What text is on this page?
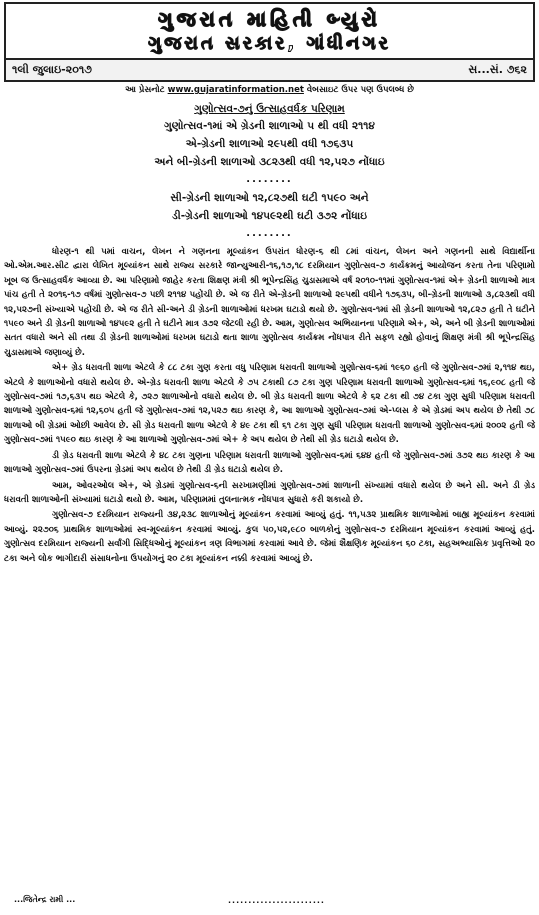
ગુજરાત માહિતી બ્યુરો
ગુજરાત સરકાર, ગાંધીનગર
૧લી જુલાઇ-૨૦૧૭	સ...સં. ૭૬૨
આ પ્રેસનોટ www.gujaratinformation.net વેબસાઇટ ઉપર પણ ઉપલબ્ધ છે
ગુણોત્સવ-૭નું ઉત્સાહવર્ધક પરિણામ
ગુણોત્સવ-૧માં એ ગ્રેડની શાળાઓ ૫ થી વધી ૨૧૧૪
એ-ગ્રેડની શાળાઓ ૨૯૫થી વધી ૧૭૬૩૫
અને બી-ગ્રેડની શાળાઓ ૩૮૨૩થી વધી ૧૨,૫૨૭ નોંધાઇ
........
સી-ગ્રેડની શાળાઓ ૧૨,૮૨૭થી ઘટી ૧૫૯૦ અને
ડી-ગ્રેડની શાળાઓ ૧૪૫૯૨થી ઘટી ૩૭૨ નોંધાઇ
........

ધોરણ-૧ થી ૫માં વાચન, લેખન ને ગણનના મૂલ્યાંકન ઉપરાંત ધોરણ-૬ થી ૮માં વાંચન, લેખન અને ગણનની સાથે વિદ્યાર્થીના ઓ.એમ.આર.સીટ દ્વારા લેખિત મૂલ્યાંકન સાથે રાજ્ય સરકારે જાન્યુઆરી-૧૬,૧૭,૧૮ દરમિયાન ગુણોત્સવ-૭ કાર્યક્રમનું આયોજન કરતા તેના પરિણામો ખૂબ જ ઉત્સાહવર્ધક આવ્યા છે. આ પરિણામો જાહેર કરતા શિક્ષણ મંત્રી શ્રી ભૂપેન્દ્રસિંહ ચુડાસમાએ વર્ષ ૨૦૧૦-૧૧માં ગુણોત્સવ-૧માં એ+ ગ્રેડની શાળાઓ માત્ર પાંચ હતી તે ૨૦૧૬-૧૭ વર્ષમાં ગુણોત્સવ-૭ પછી ૨૧૧૪ પહોંચી છે. એ જ રીતે એ-ગ્રેડની શાળાઓ ૨૯૫થી વધીને ૧૭૬૩૫, બી-ગ્રેડની શાળાઓ ૩,૮૨૩થી વધી ૧૨,૫૨૭ની સંખ્યાએ પહોંચી છે. એ જ રીતે સી-અને ડી ગ્રેડની શાળાઓમાં ધરખમ ઘટાડો થયો છે. ગુણોત્સવ-૧માં સી ગ્રેડની શાળાઓ ૧૨,૮૨૭ હતી તે ઘટીને ૧૫૯૦ અને ડી ગ્રેડની શાળાઓ ૧૪૫૯૨ હતી તે ઘટીને માત્ર ૩૭૨ જેટલી રહી છે. આમ, ગુણોત્સવ અભિયાનના પરિણામે એ+, એ, અને બી ગ્રેડની શાળાઓમાં સતત વધારો અને સી તથા ડી ગ્રેડની શાળાઓમાં ધરખમ ઘટાડો થતા શાળા ગુણોત્સવ કાર્યક્રમ નોંધપાત્ર રીતે સફળ રહ્યો હોવાનું શિક્ષણ મંત્રી શ્રી ભૂપેન્દ્રસિંહ ચુડાસમાએ જણાવ્યું છે.

એ+ ગ્રેડ ધરાવતી શાળા એટલે કે ૮૮ ટકા ગુણ કરતા વધુ પરિણામ ધરાવતી શાળાઓ ગુણોત્સવ-૬માં ૧૯૬૦ હતી જે ગુણોત્સવ-૭માં ૨,૧૧૪ થઇ, એટલે કે શાળાઓનો વધારો થયેલ છે. એ-ગ્રેડ ધરાવતી શાળા એટલે કે ૭૫ ટકાથી ૮૭ ટકા ગુણ પરિણામ ધરાવતી શાળાઓ ગુણોત્સવ-૬માં ૧૬,૯૦૮ હતી જે ગુણોત્સવ-૭માં ૧૭,૬૩૫ થઇ એટલે કે, ૭૨૭ શાળાઓનો વધારો થયેલ છે. બી ગ્રેડ ધરાવતી શાળા એટલે કે ૬૨ ટકા થી ૭૪ ટકા ગુણ સુધી પરિણામ ધરાવતી શાળાઓ ગુણોત્સવ-૬માં ૧૨,૬૦૫ હતી જે ગુણોત્સવ-૭માં ૧૨,૫૨૭ થઇ કારણ કે, આ શાળાઓ ગુણોત્સવ-૭માં એ-પ્લસ કે એ ગ્રેડમાં અપ થયેલ છે તેથી ૭૮ શાળાઓ બી ગ્રેડમાં ઓછી આવેલ છે. સી ગ્રેડ ધરાવતી શાળા એટલે કે ૪૯ ટકા થી ૬૧ ટકા ગુણ સુધી પરિણામ ધરાવતી શાળાઓ ગુણોત્સવ-૬માં ૨૦૦૨ હતી જે ગુણોત્સવ-૭માં ૧૫૯૦ થઇ કારણ કે આ શાળાઓ ગુણોત્સવ-૭માં એ+ કે અપ થયેલ છે તેથી સી ગ્રેડ ઘટાડો થયેલ છે.

ડી ગ્રેડ ધરાવતી શાળા એટલે કે ૪૮ ટકા ગુણના પરિણામ ધરાવતી શાળાઓ ગુણોત્સવ-૬માં ૬૪૪ હતી જે ગુણોત્સવ-૭માં ૩૭૨ થઇ કારણ કે આ શાળાઓ ગુણોત્સવ-૭માં ઉપરના ગ્રેડમાં અપ થયેલ છે તેથી ડી ગ્રેડ ઘટાડો થયેલ છે.

આમ, ઓવરઓલ એ+, એ ગ્રેડમાં ગુણોત્સવ-૬ની સરખામણીમાં ગુણોત્સવ-૭માં શાળાની સંખ્યામાં વધારો થયેલ છે અને સી. અને ડી ગ્રેડ ધરાવતી શાળાઓની સંખ્યામાં ઘટાડો થયો છે. આમ, પરિણામમાં તુલનાત્મક નોંધપાત્ર સુધારો કરી શકાયો છે.

ગુણોત્સવ-૭ દરમિયાન રાજ્યની ૩૪,૨૩૮ શાળાઓનું મૂલ્યાંકન કરવામાં આવ્યું હતું. ૧૧,૫૩૨ પ્રાથમિક શાળાઓમાં બાહ્ય મૂલ્યાંકન કરવામાં આવ્યું. ૨૨૭૦૬ પ્રાથમિક શાળાઓમાં સ્વ-મૂલ્યાંકન કરવામાં આવ્યું. કુલ ૫૦,૫૨,૯૮૦ બાળકોનું ગુણોત્સવ-૭ દરમિયાન મૂલ્યાંકન કરવામાં આવ્યું હતું. ગુણોત્સવ દરમિયાન રાજ્યની સર્વાંગી સિદ્ધિઓનું મૂલ્યાંકન ત્રણ વિભાગમાં કરવામાં આવે છે. જેમાં શૈક્ષણિક મૂલ્યાંકન ૬૦ ટકા, સહઅભ્યાસિક પ્રવૃત્તિઓ ૨૦ ટકા અને લોક ભાગીદારી સંસાધનોના ઉપયોગનું ૨૦ ટકા મૂલ્યાંકન નક્કી કરવામાં આવ્યું છે.

...જિતેન્દ્ર રામી ...	........................
